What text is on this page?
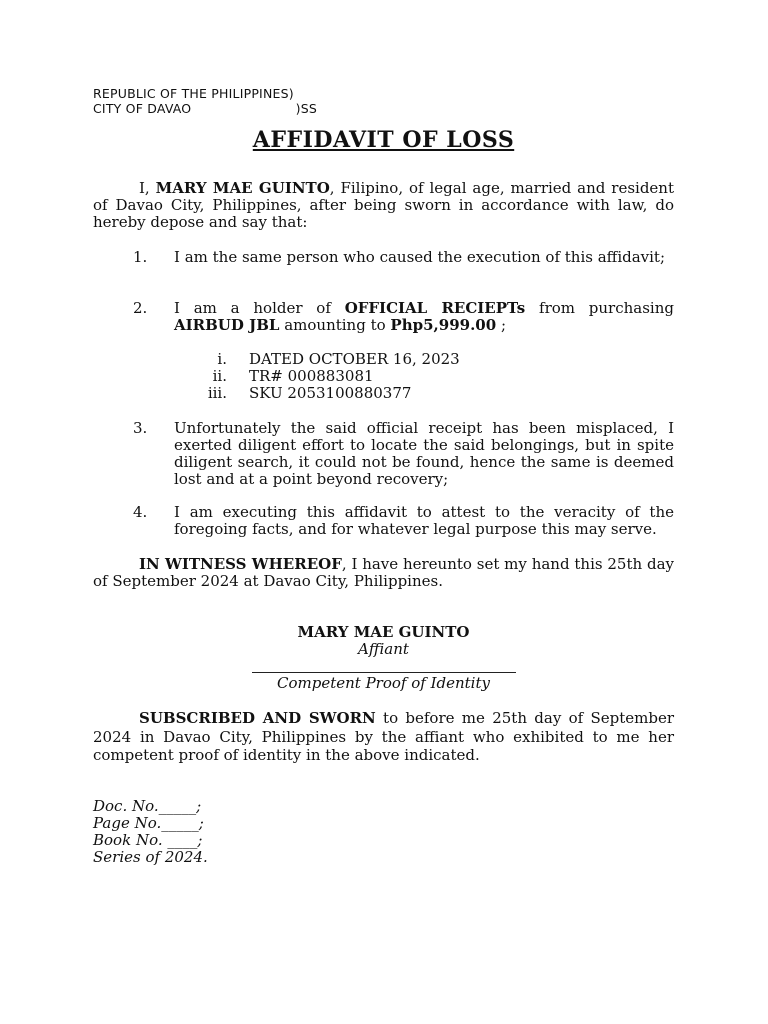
REPUBLIC OF THE PHILIPPINES)
CITY OF DAVAO                         )SS
AFFIDAVIT OF LOSS
I, MARY MAE GUINTO, Filipino, of legal age, married and resident of Davao City, Philippines, after being sworn in accordance with law, do hereby depose and say that:
1.	I am the same person who caused the execution of this affidavit;
2.	I am a holder of OFFICIAL RECIEPTs from purchasing AIRBUD JBL amounting to Php5,999.00 ;
3.	Unfortunately the said official receipt has been misplaced, I exerted diligent effort to locate the said belongings, but in spite diligent search, it could not be found, hence the same is deemed lost and at a point beyond recovery;
4.	I am executing this affidavit to attest to the veracity of the foregoing facts, and for whatever legal purpose this may serve.
i. DATED OCTOBER 16, 2023
ii. TR# 000883081
iii. SKU 2053100880377
IN WITNESS WHEREOF, I have hereunto set my hand this 25th day of September 2024 at Davao City, Philippines.
MARY MAE GUINTO
Affiant
Competent Proof of Identity
SUBSCRIBED AND SWORN to before me 25th day of September 2024 in Davao City, Philippines by the affiant who exhibited to me her competent proof of identity in the above indicated.
Doc. No._____;
Page No._____;
Book No. ____;
Series of 2024.
